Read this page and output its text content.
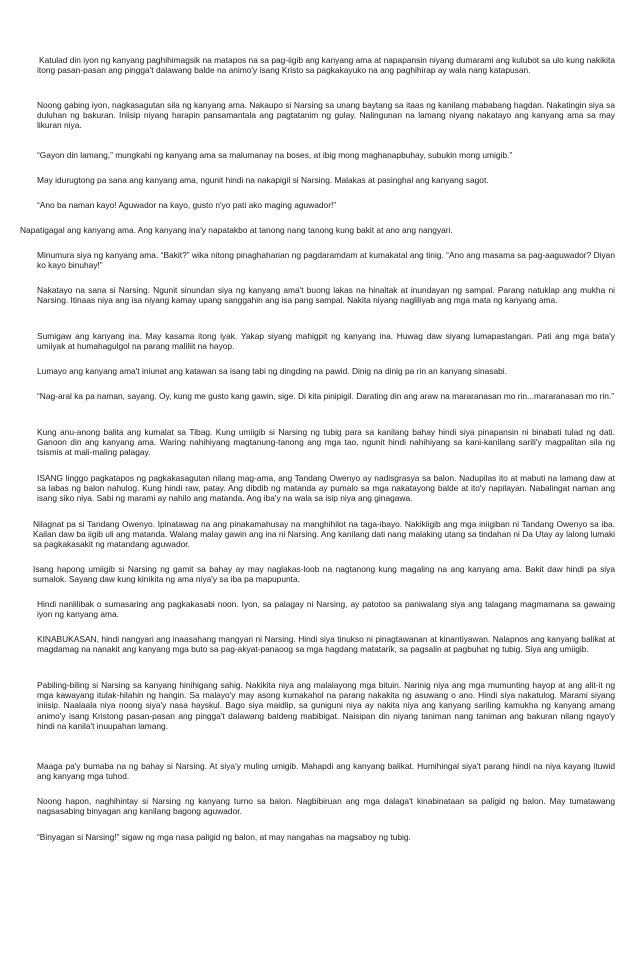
Katulad din iyon ng kanyang paghihimagsik na matapos na sa pag-iigib ang kanyang ama at napapansin niyang dumarami ang kulubot sa ulo kung nakikita itong pasan-pasan ang pingga't dalawang balde na animo'y isang Kristo sa pagkakayuko na ang paghihirap ay wala nang katapusan.

Noong gabing iyon, nagkasagutan sila ng kanyang ama. Nakaupo si Narsing sa unang baytang sa itaas ng kanilang mababang hagdan. Nakatingin siya sa duluhan ng bakuran. Iniisip niyang harapin pansamantala ang pagtatanim ng gulay. Nalingunan na lamang niyang nakatayo ang kanyang ama sa may likuran niya.

“Gayon din lamang,” mungkahi ng kanyang ama sa malumanay na boses, at ibig mong maghanapbuhay, subukin mong umigib.”

May idurugtong pa sana ang kanyang ama, ngunit hindi na nakapigil si Narsing. Malakas at pasinghal ang kanyang sagot.

“Ano ba naman kayo! Aguwador na kayo, gusto n'yo pati ako maging aguwador!”

Napatigagal ang kanyang ama. Ang kanyang ina'y napatakbo at tanong nang tanong kung bakit at ano ang nangyari.

Minumura siya ng kanyang ama. “Bakit?” wika nitong pinaghaharian ng pagdaramdam at kumakatal ang tinig. “Ano ang masama sa pag-aaguwador? Diyan ko kayo binuhay!”

Nakatayo na sana si Narsing. Ngunit sinundan siya ng kanyang ama't buong lakas na hinaltak at inundayan ng sampal. Parang natuklap ang mukha ni Narsing. Itinaas niya ang isa niyang kamay upang sanggahin ang isa pang sampal. Nakita niyang nagliliyab ang mga mata ng kanyang ama.

Sumigaw ang kanyang ina. May kasama itong iyak. Yakap siyang mahigpit ng kanyang ina. Huwag daw siyang lumapastangan. Pati ang mga bata'y umiiyak at humahagulgol na parang maliliit na hayop.

Lumayo ang kanyang ama't iniunat ang katawan sa isang tabi ng dingding na pawid. Dinig na dinig pa rin an kanyang sinasabi.

“Nag-aral ka pa naman, sayang. Oy, kung me gusto kang gawin, sige. Di kita pinipigil. Darating din ang araw na mararanasan mo rin...mararanasan mo rin.”

Kung anu-anong balita ang kumalat sa Tibag. Kung umiigib si Narsing ng tubig para sa kanilang bahay hindi siya pinapansin ni binabati tulad ng dati. Ganoon din ang kanyang ama. Waring nahihiyang magtanung-tanong ang mga tao, ngunit hindi nahihiyang sa kani-kanilang sarili'y magpalitan sila ng tsismis at mali-maling palagay.

ISANG linggo pagkatapos ng pagkakasagutan nilang mag-ama, ang Tandang Owenyo ay nadisgrasya sa balon. Nadupilas ito at mabuti na lamang daw at sa labas ng balon nahulog. Kung hindi raw, patay. Ang dibdib ng matanda ay pumalo sa mga nakatayong balde at ito'y napilayan. Nabalingat naman ang isang siko niya. Sabi ng marami ay nahilo ang matanda. Ang iba'y na wala sa isip niya ang ginagawa.

Nilagnat pa si Tandang Owenyo. Ipinatawag na ang pinakamahusay na manghihilot na taga-ibayo. Nakikiigib ang mga iniigiban ni Tandang Owenyo sa iba. Kailan daw ba iigib uli ang matanda. Walang malay gawin ang ina ni Narsing. Ang kanilang dati nang malaking utang sa tindahan ni Da Utay ay lalong lumaki sa pagkakasakit ng matandang aguwador.

Isang hapong umiigib si Narsing ng gamit sa bahay ay may naglakas-loob na nagtanong kung magaling na ang kanyang ama. Bakit daw hindi pa siya sumalok. Sayang daw kung kinikita ng ama niya'y sa iba pa mapupunta.

Hindi nanlilibak o sumasaring ang pagkakasabi noon. Iyon, sa palagay ni Narsing, ay patotoo sa paniwalang siya ang talagang magmamana sa gawaing iyon ng kanyang ama.

KINABUKASAN, hindi nangyari ang inaasahang mangyari ni Narsing. Hindi siya tinukso ni pinagtawanan at kinantiyawan. Nalapnos ang kanyang balikat at magdamag na nanakit ang kanyang mga buto sa pag-akyat-panaoog sa mga hagdang matatarik, sa pagsalin at pagbuhat ng tubig. Siya ang umiigib.

Pabiling-biling si Narsing sa kanyang hinihigang sahig. Nakikita niya ang malalayong mga bituin. Narinig niya ang mga mumunting hayop at ang alit-it ng mga kawayang itulak-hilahin ng hangin. Sa malayo'y may asong kumakahol na parang nakakita ng asuwang o ano. Hindi siya nakatulog. Marami siyang iniisip. Naalaala niya noong siya'y nasa hayskul. Bago siya maidlip, sa guniguni niya ay nakita niya ang kanyang sariling kamukha ng kanyang amang animo'y isang Kristong pasan-pasan ang pingga't dalawang baldeng mabibigat. Naisipan din niyang taniman nang taniman ang bakuran nilang ngayo'y hindi na kanila't inuupahan lamang.

Maaga pa'y bumaba na ng bahay si Narsing. At siya'y muling umigib. Mahapdi ang kanyang balikat. Humihingal siya't parang hindi na niya kayang ituwid ang kanyang mga tuhod.

Noong hapon, naghihintay si Narsing ng kanyang turno sa balon. Nagbibiruan ang mga dalaga't kinabinataan sa paligid ng balon. May tumatawang nagsasabing binyagan ang kanilang bagong aguwador.

“Binyagan si Narsing!” sigaw ng mga nasa paligid ng balon, at may nangahas na magsaboy ng tubig.
